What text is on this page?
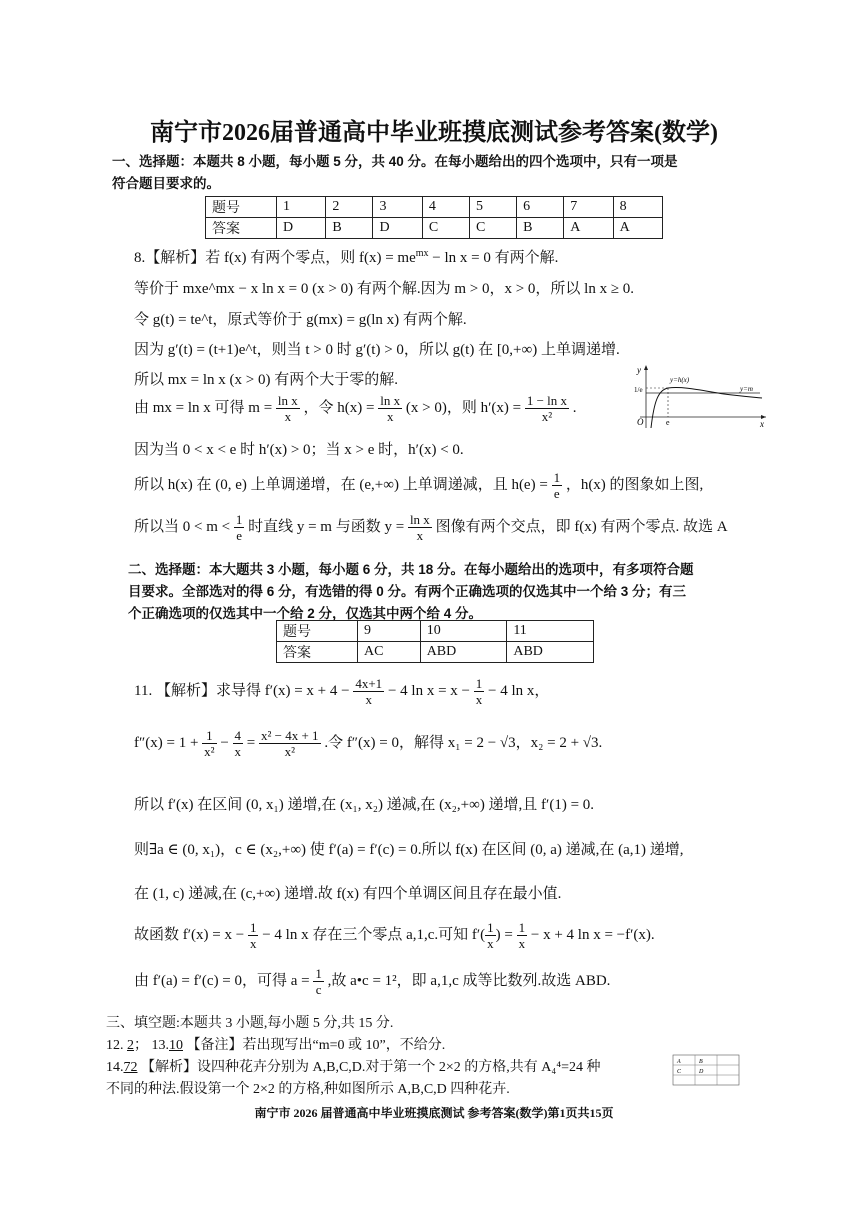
南宁市2026届普通高中毕业班摸底测试参考答案(数学)
一、选择题：本题共 8 小题，每小题 5 分，共 40 分。在每小题给出的四个选项中，只有一项是
符合题目要求的。
题号	1	2	3	4	5	6	7	8
答案	D	B	D	C	C	B	A	A
8.【解析】若 f(x) 有两个零点，则 $f(x) = me^{mx} - \ln x = 0$ 有两个解.
等价于 mxe^mx − x ln x = 0 (x > 0) 有两个解.因为 m > 0，x > 0，所以 ln x ≥ 0.
令 g(t) = te^t，原式等价于 g(mx) = g(ln x) 有两个解.
因为 g′(t) = (t+1)e^t，则当 t > 0 时 g′(t) > 0，所以 g(t) 在 [0,+∞) 上单调递增.
所以 mx = ln x (x > 0) 有两个大于零的解.
由 mx = ln x 可得 $m = \frac{\text{ln x}}{x}$ ，令 $h(x) = \frac{\text{ln x}}{x} (x > 0)$，则 $h'(x) = \frac{\text{1 − ln x}}{\text{x²}}$ .
因为当 0 < x < e 时 h′(x) > 0；当 x > e 时，h′(x) < 0.
所以 h(x) 在 (0, e) 上单调递增，在 (e,+∞) 上单调递减，且 $h(e) = \frac{1}{e}$ ，h(x) 的图象如上图,
所以当 $0 < m < \frac{1}{e}$ 时直线 y = m 与函数 $y = \frac{\text{ln x}}{x}$ 图像有两个交点，即 f(x) 有两个零点. 故选 A
y
x
O	e
1/e
y=h(x)
y=m
二、选择题：本大题共 3 小题，每小题 6 分，共 18 分。在每小题给出的选项中，有多项符合题
目要求。全部选对的得 6 分，有选错的得 0 分。有两个正确选项的仅选其中一个给 3 分；有三
个正确选项的仅选其中一个给 2 分，仅选其中两个给 4 分。
题号	9	10	11
答案	AC	ABD	ABD
11. 【解析】求导得 $f'(x) = x + 4 - \frac{4x+1}{x} - 4$ $\ln x = x - \frac{1}{x} - 4$ ln x，
$f''(x) = 1 + \frac{1}{\text{x²}} - \frac{4}{x} = \frac{\text{x² − 4x + 1}}{\text{x²}}$ .令 f″(x) = 0，解得 x₁ = 2 − √3，x₂ = 2 + √3.
所以 f′(x) 在区间 (0, x₁) 递增,在 (x₁, x₂) 递减,在 (x₂,+∞) 递增,且 f′(1) = 0.
则∃a ∈ (0, x₁)，c ∈ (x₂,+∞) 使 f′(a) = f′(c) = 0.所以 f(x) 在区间 (0, a) 递减,在 (a,1) 递增,
在 (1, c) 递减,在 (c,+∞) 递增.故 f(x) 有四个单调区间且存在最小值.
故函数 $f'(x) = x - \frac{1}{x} - 4$ ln x 存在三个零点 a,1,c.可知 $f'( \frac{1}{x}$ ) = $\frac{1}{x} - x + 4$ ln x = −f′(x).
由 f′(a) = f′(c) = 0，可得 $a = \frac{1}{c}$ ,故 a•c = 1²，即 a,1,c 成等比数列.故选 ABD.
三、填空题:本题共 3 小题,每小题 5 分,共 15 分.
12. 2； 13.10 【备注】若出现写出“m=0 或 10”，不给分.
14.72 【解析】设四种花卉分别为 A,B,C,D.对于第一个 2×2 的方格,共有 A₄⁴=24 种
不同的种法.假设第一个 2×2 的方格,种如图所示 A,B,C,D 四种花卉.
A	B
C	D
南宁市 2026 届普通高中毕业班摸底测试 参考答案(数学)第1页共15页
